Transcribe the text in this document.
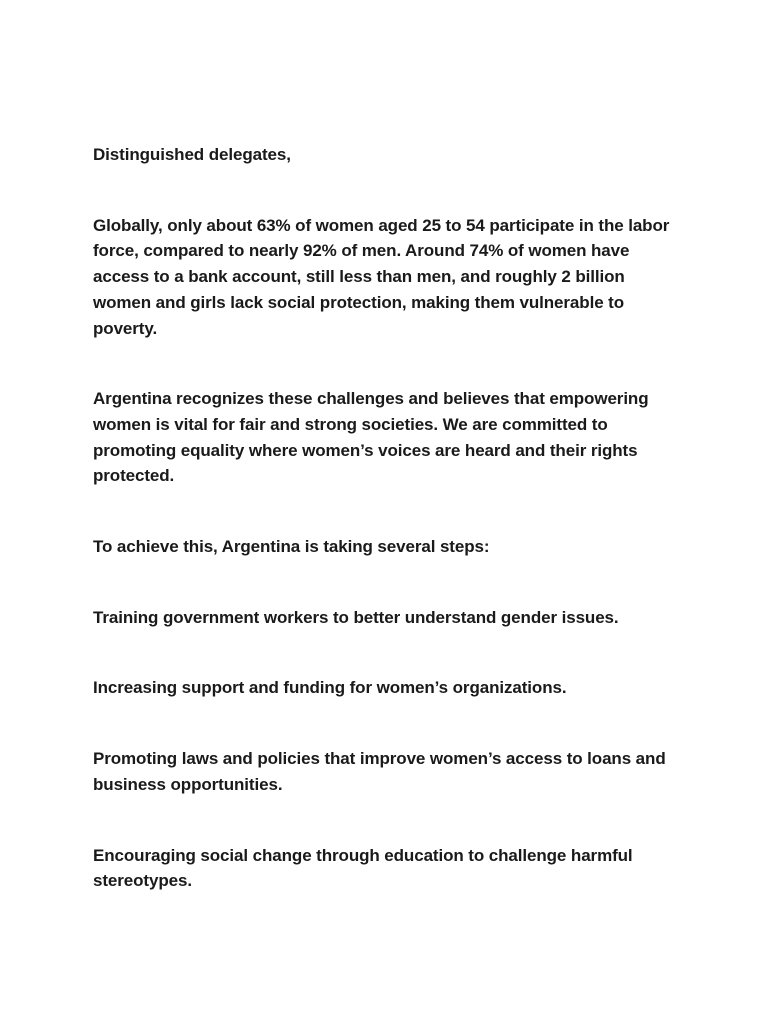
Distinguished delegates,

Globally, only about 63% of women aged 25 to 54 participate in the labor force, compared to nearly 92% of men. Around 74% of women have access to a bank account, still less than men, and roughly 2 billion women and girls lack social protection, making them vulnerable to poverty.

Argentina recognizes these challenges and believes that empowering women is vital for fair and strong societies. We are committed to promoting equality where women’s voices are heard and their rights protected.

To achieve this, Argentina is taking several steps:

Training government workers to better understand gender issues.

Increasing support and funding for women’s organizations.

Promoting laws and policies that improve women’s access to loans and business opportunities.

Encouraging social change through education to challenge harmful stereotypes.
